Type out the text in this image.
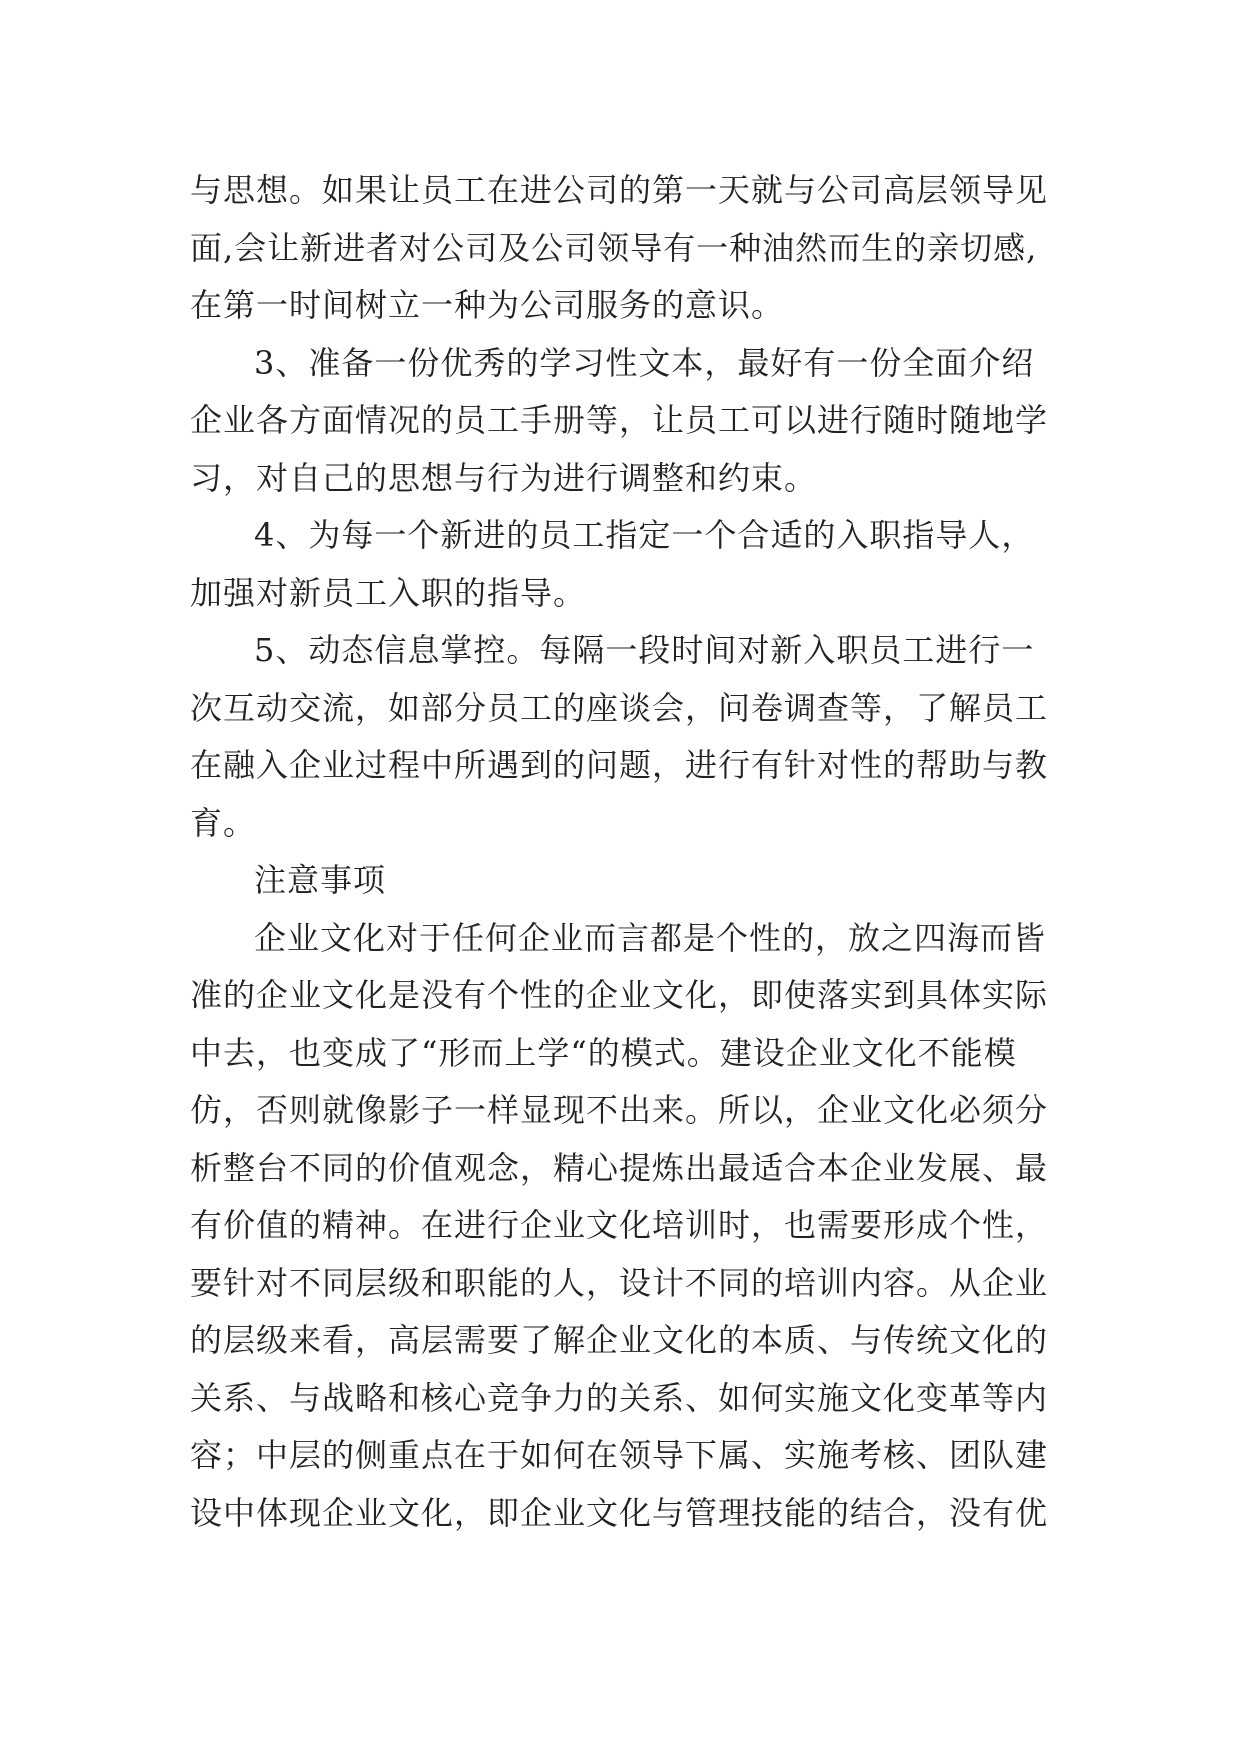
与思想。如果让员工在进公司的第一天就与公司高层领导见

面,会让新进者对公司及公司领导有一种油然而生的亲切感,

在第一时间树立一种为公司服务的意识。

3、准备一份优秀的学习性文本，最好有一份全面介绍

企业各方面情况的员工手册等，让员工可以进行随时随地学

习，对自己的思想与行为进行调整和约束。

4、为每一个新进的员工指定一个合适的入职指导人，

加强对新员工入职的指导。

5、动态信息掌控。每隔一段时间对新入职员工进行一

次互动交流，如部分员工的座谈会，问卷调查等，了解员工

在融入企业过程中所遇到的问题，进行有针对性的帮助与教

育。

注意事项

企业文化对于任何企业而言都是个性的，放之四海而皆

准的企业文化是没有个性的企业文化，即使落实到具体实际

中去，也变成了“形而上学“的模式。建设企业文化不能模

仿，否则就像影子一样显现不出来。所以，企业文化必须分

析整台不同的价值观念，精心提炼出最适合本企业发展、最

有价值的精神。在进行企业文化培训时，也需要形成个性，

要针对不同层级和职能的人，设计不同的培训内容。从企业

的层级来看，高层需要了解企业文化的本质、与传统文化的

关系、与战略和核心竞争力的关系、如何实施文化变革等内

容；中层的侧重点在于如何在领导下属、实施考核、团队建

设中体现企业文化，即企业文化与管理技能的结合，没有优
